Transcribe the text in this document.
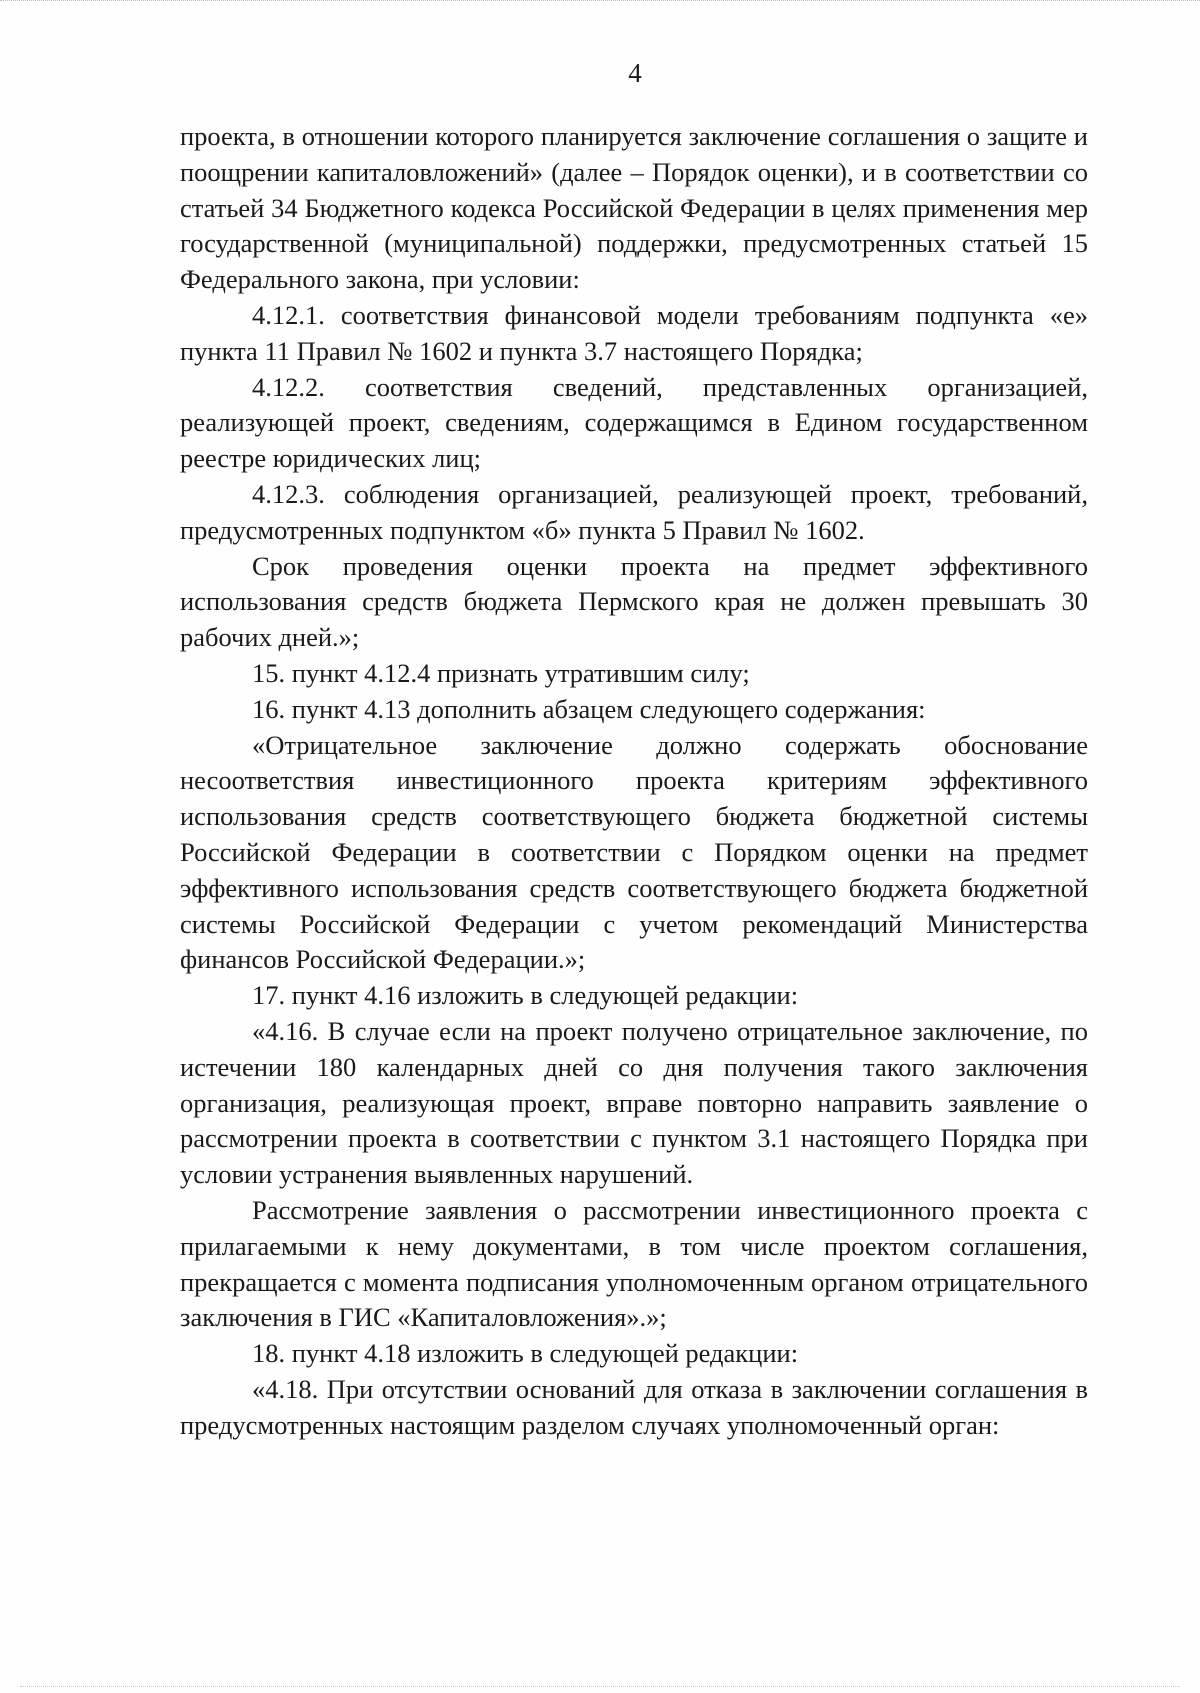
4

проекта, в отношении которого планируется заключение соглашения о защите и поощрении капиталовложений» (далее – Порядок оценки), и в соответствии со статьей 34 Бюджетного кодекса Российской Федерации в целях применения мер государственной (муниципальной) поддержки, предусмотренных статьей 15 Федерального закона, при условии:

4.12.1. соответствия финансовой модели требованиям подпункта «е» пункта 11 Правил № 1602 и пункта 3.7 настоящего Порядка;

4.12.2. соответствия сведений, представленных организацией, реализующей проект, сведениям, содержащимся в Едином государственном реестре юридических лиц;

4.12.3. соблюдения организацией, реализующей проект, требований, предусмотренных подпунктом «б» пункта 5 Правил № 1602.

Срок проведения оценки проекта на предмет эффективного использования средств бюджета Пермского края не должен превышать 30 рабочих дней.»;

15. пункт 4.12.4 признать утратившим силу;

16. пункт 4.13 дополнить абзацем следующего содержания:

«Отрицательное заключение должно содержать обоснование несоответствия инвестиционного проекта критериям эффективного использования средств соответствующего бюджета бюджетной системы Российской Федерации в соответствии с Порядком оценки на предмет эффективного использования средств соответствующего бюджета бюджетной системы Российской Федерации с учетом рекомендаций Министерства финансов Российской Федерации.»;

17. пункт 4.16 изложить в следующей редакции:

«4.16. В случае если на проект получено отрицательное заключение, по истечении 180 календарных дней со дня получения такого заключения организация, реализующая проект, вправе повторно направить заявление о рассмотрении проекта в соответствии с пунктом 3.1 настоящего Порядка при условии устранения выявленных нарушений.

Рассмотрение заявления о рассмотрении инвестиционного проекта с прилагаемыми к нему документами, в том числе проектом соглашения, прекращается с момента подписания уполномоченным органом отрицательного заключения в ГИС «Капиталовложения».»;

18. пункт 4.18 изложить в следующей редакции:

«4.18. При отсутствии оснований для отказа в заключении соглашения в предусмотренных настоящим разделом случаях уполномоченный орган:
